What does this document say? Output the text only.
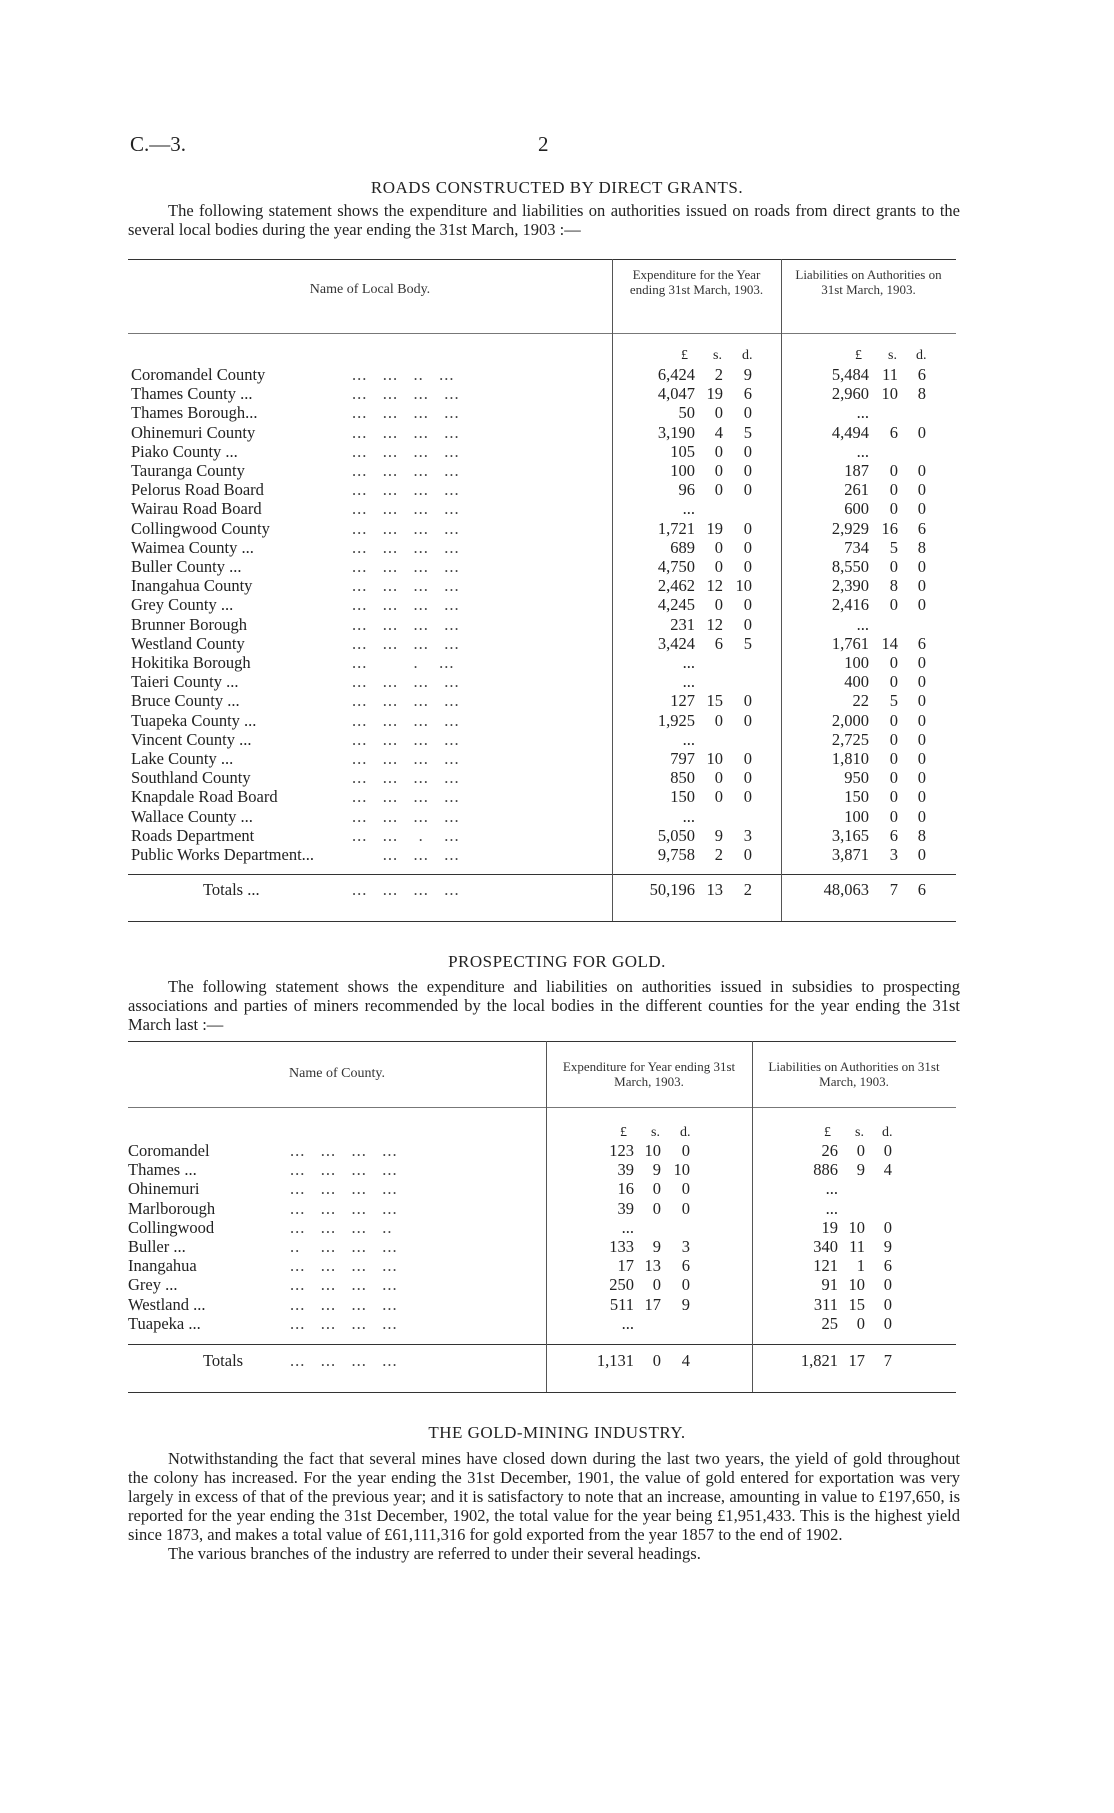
C.—3.	2
ROADS CONSTRUCTED BY DIRECT GRANTS.

The following statement shows the expenditure and liabilities on authorities issued on roads from direct grants to the several local bodies during the year ending the 31st March, 1903 :—

Name of Local Body.
Expenditure for the Year ending 31st March, 1903.
Liabilities on Authorities on 31st March, 1903.
£ s. d.	£ s. d.
Coromandel County	...   ...   ..   ...	6,424 2 9	5,484 11 6
Thames County ...	...   ...   ...   ...	4,047 19 6	2,960 10 8
Thames Borough...	...   ...   ...   ...	50 0 0	...
Ohinemuri County	...   ...   ...   ...	3,190 4 5	4,494 6 0
Piako County ...	...   ...   ...   ...	105 0 0	...
Tauranga County	...   ...   ...   ...	100 0 0	187 0 0
Pelorus Road Board	...   ...   ...   ...	96 0 0	261 0 0
Wairau Road Board	...   ...   ...   ...	...	600 0 0
Collingwood County	...   ...   ...   ...	1,721 19 0	2,929 16 6
Waimea County ...	...   ...   ...   ...	689 0 0	734 5 8
Buller County ...	...   ...   ...   ...	4,750 0 0	8,550 0 0
Inangahua County	...   ...   ...   ...	2,462 12 10	2,390 8 0
Grey County ...	...   ...   ...   ...	4,245 0 0	2,416 0 0
Brunner Borough	...   ...   ...   ...	231 12 0	...
Westland County	...   ...   ...   ...	3,424 6 5	1,761 14 6
Hokitika Borough	...         .    ...	...	100 0 0
Taieri County ...	...   ...   ...   ...	...	400 0 0
Bruce County ...	...   ...   ...   ...	127 15 0	22 5 0
Tuapeka County ...	...   ...   ...   ...	1,925 0 0	2,000 0 0
Vincent County ...	...   ...   ...   ...	...	2,725 0 0
Lake County ...	...   ...   ...   ...	797 10 0	1,810 0 0
Southland County	...   ...   ...   ...	850 0 0	950 0 0
Knapdale Road Board	...   ...   ...   ...	150 0 0	150 0 0
Wallace County ...	...   ...   ...   ...	...	100 0 0
Roads Department	...   ...    .    ...	5,050 9 3	3,165 6 8
Public Works Department... ...   ...   ...	9,758 2 0	3,871 3 0
Totals ...	...   ...   ...   ...	50,196 13 2	48,063 7 6
PROSPECTING FOR GOLD.

The following statement shows the expenditure and liabilities on authorities issued in subsidies to prospecting associations and parties of miners recommended by the local bodies in the different counties for the year ending the 31st March last :—

Name of County.	Expenditure for Year ending 31st March, 1903.
Liabilities on Authorities on 31st March, 1903.
£ s. d.	£ s. d.
Coromandel	...   ...   ...   ...	123 10 0	26 0 0
Thames ...	...   ...   ...   ...	39 9 10	886 9 4
Ohinemuri	...   ...   ...   ...	16 0 0	...
Marlborough	...   ...   ...   ...	39 0 0	...
Collingwood	...   ...   ...   ..	...	19 10 0
Buller ...	..    ...   ...   ...	133 9 3	340 11 9
Inangahua	...   ...   ...   ...	17 13 6	121 1 6
Grey ...	...   ...   ...   ...	250 0 0	91 10 0
Westland ...	...   ...   ...   ...	511 17 9	311 15 0
Tuapeka ...	...   ...   ...   ...	...	25 0 0
Totals	...   ...   ...   ...	1,131 0 4	1,821 17 7
THE GOLD-MINING INDUSTRY.

Notwithstanding the fact that several mines have closed down during the last two years, the yield of gold throughout the colony has increased. For the year ending the 31st December, 1901, the value of gold entered for exportation was very largely in excess of that of the previous year; and it is satisfactory to note that an increase, amounting in value to £197,650, is reported for the year ending the 31st December, 1902, the total value for the year being £1,951,433. This is the highest yield since 1873, and makes a total value of £61,111,316 for gold exported from the year 1857 to the end of 1902.

The various branches of the industry are referred to under their several headings.
